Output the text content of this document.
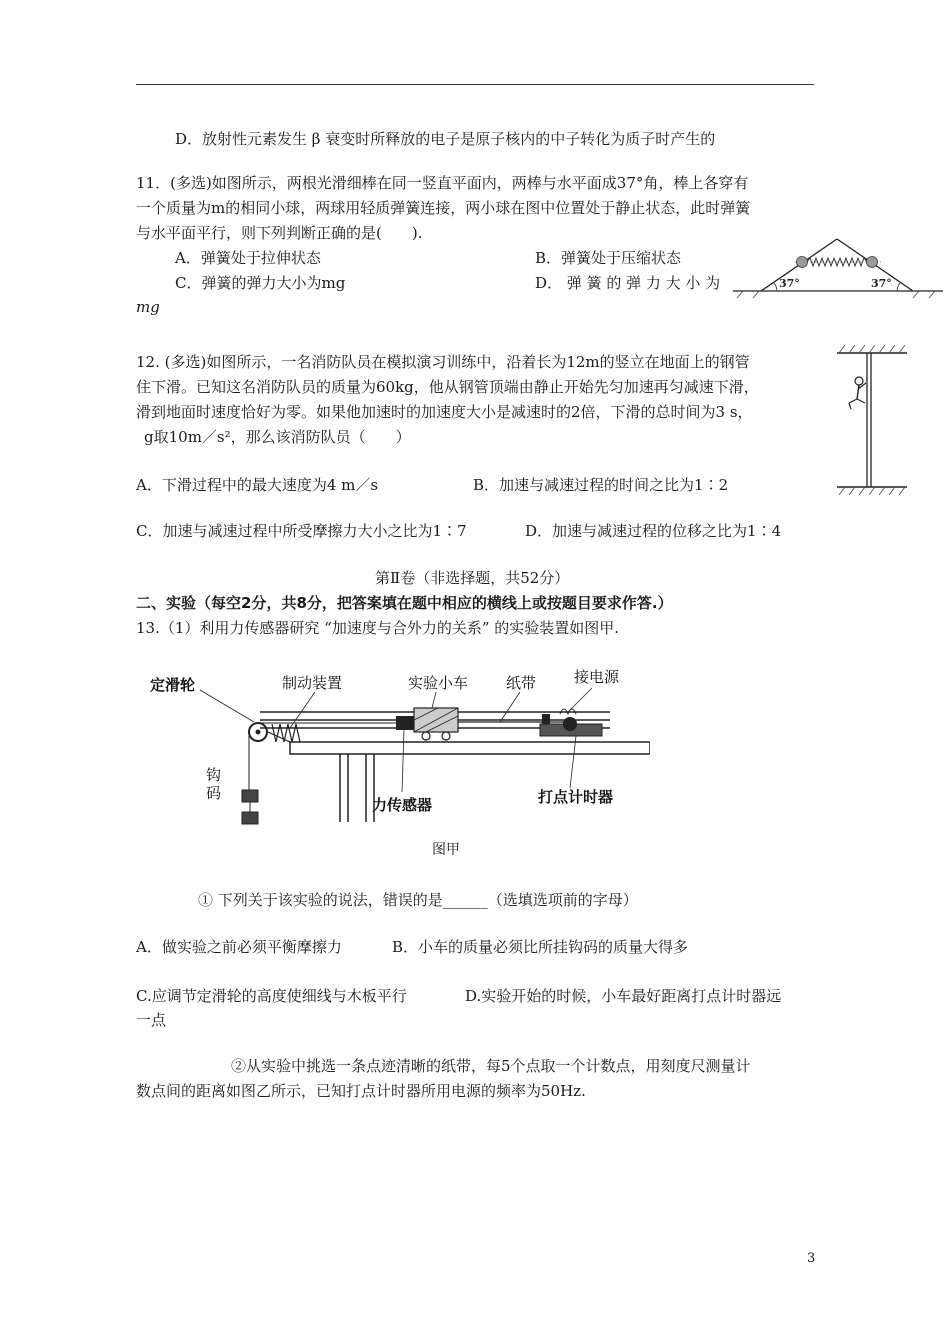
D．放射性元素发生 β 衰变时所释放的电子是原子核内的中子转化为质子时产生的
11．(多选)如图所示，两根光滑细棒在同一竖直平面内，两棒与水平面成37°角，棒上各穿有
一个质量为m的相同小球，两球用轻质弹簧连接，两小球在图中位置处于静止状态，此时弹簧
与水平面平行，则下列判断正确的是(　　).
A．弹簧处于拉伸状态	B．弹簧处于压缩状态
C．弹簧的弹力大小为mg	D． 弹 簧 的 弹 力 大 小 为
mg
37°	37°
12. (多选)如图所示，一名消防队员在模拟演习训练中，沿着长为12m的竖立在地面上的钢管
住下滑。已知这名消防队员的质量为60kg，他从钢管顶端由静止开始先匀加速再匀减速下滑，
滑到地面时速度恰好为零。如果他加速时的加速度大小是减速时的2倍，下滑的总时间为3 s，
g取10m／s²，那么该消防队员（　　）
A．下滑过程中的最大速度为4 m／s	B．加速与减速过程的时间之比为1∶2
C．加速与减速过程中所受摩擦力大小之比为1∶7	D．加速与减速过程的位移之比为1∶4
第Ⅱ卷（非选择题，共52分）
二、实验（每空2分，共8分，把答案填在题中相应的横线上或按题目要求作答.）
13.（1）利用力传感器研究 “加速度与合外力的关系” 的实验装置如图甲.
定滑轮	制动装置	实验小车	纸带	接电源
钩
码
力传感器	打点计时器
图甲
① 下列关于该实验的说法，错误的是______（选填选项前的字母）
A．做实验之前必须平衡摩擦力	B．小车的质量必须比所挂钩码的质量大得多
C.应调节定滑轮的高度使细线与木板平行	D.实验开始的时候，小车最好距离打点计时器远
一点
②从实验中挑选一条点迹清晰的纸带，每5个点取一个计数点，用刻度尺测量计
数点间的距离如图乙所示，已知打点计时器所用电源的频率为50Hz.
3
